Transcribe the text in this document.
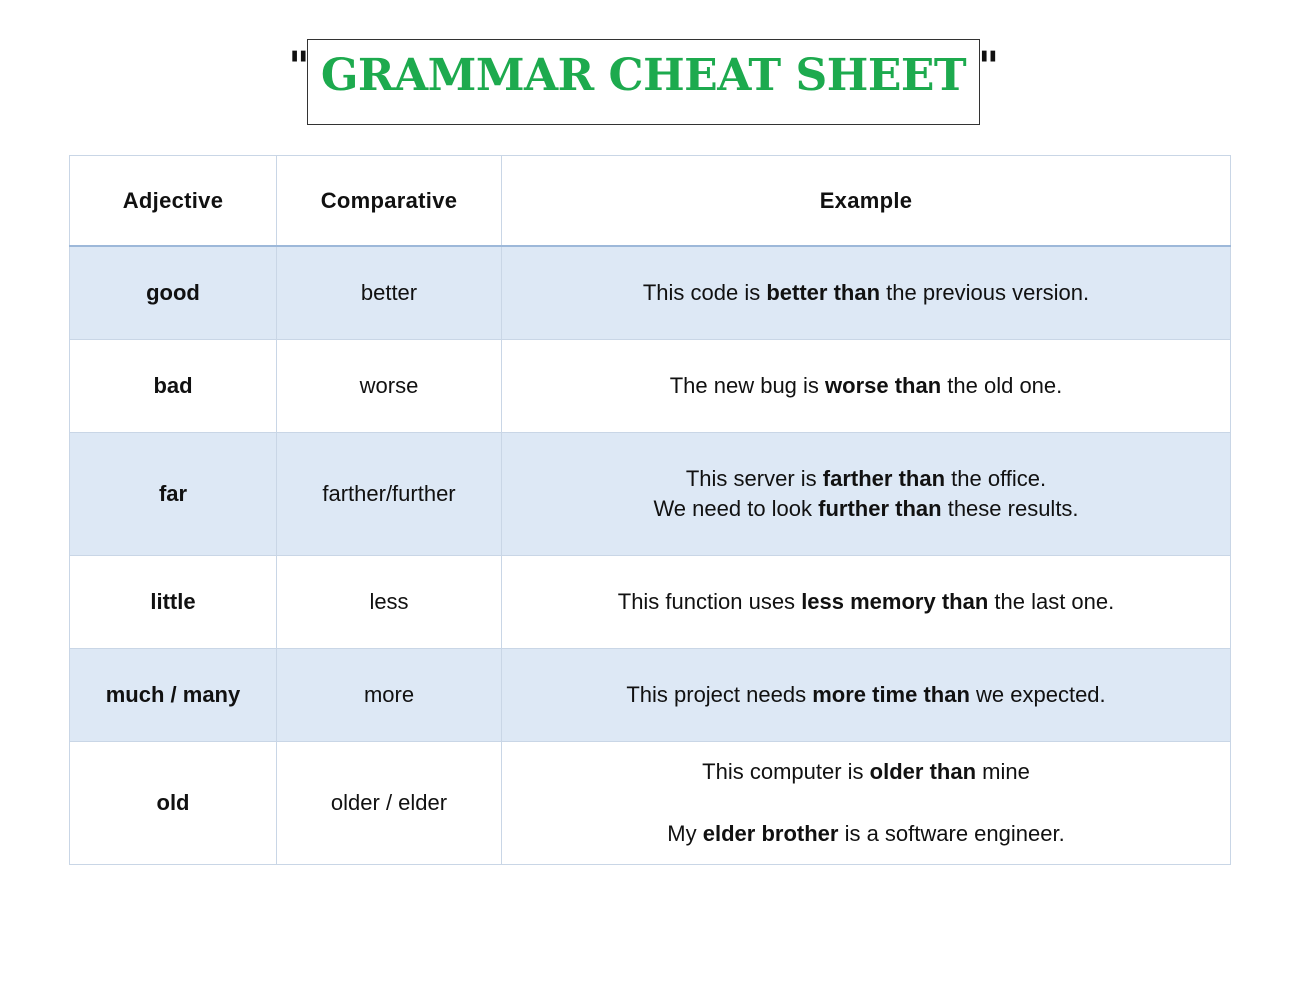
" GRAMMAR CHEAT SHEET "
Adjective	Comparative	Example
good	better	This code is better than the previous version.

bad	worse	The new bug is worse than the old one.

far	farther/further	This server is farther than the office.
We need to look further than these results.

little	less	This function uses less memory than the last one.

much / many	more	This project needs more time than we expected.

old	older / elder	This computer is older than mine
My elder brother is a software engineer.
